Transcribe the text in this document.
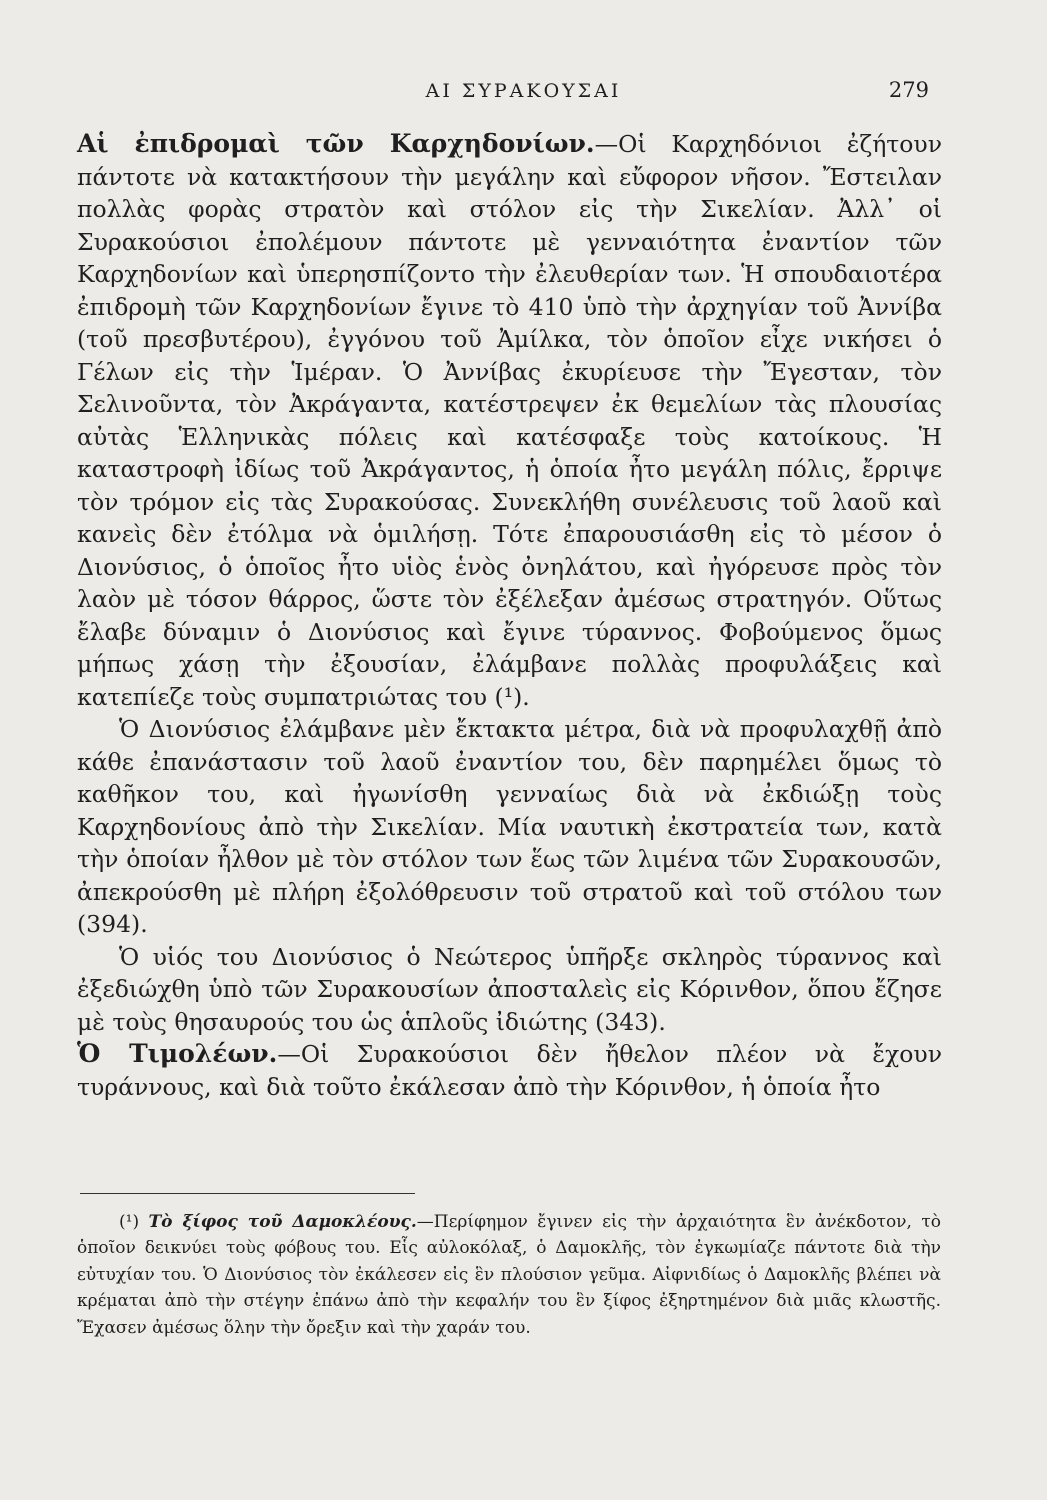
ΑΙ ΣΥΡΑΚΟΥΣΑΙ	279

Αἱ ἐπιδρομαὶ τῶν Καρχηδονίων.—Οἱ Καρχηδόνιοι ἐζήτουν πάντοτε νὰ κατακτήσουν τὴν μεγάλην καὶ εὔφορον νῆσον. Ἔστειλαν πολλὰς φορὰς στρατὸν καὶ στόλον εἰς τὴν Σικελίαν. Ἀλλ᾿ οἱ Συρακούσιοι ἐπολέμουν πάντοτε μὲ γενναιότητα ἐναντίον τῶν Καρχηδονίων καὶ ὑπερησπίζοντο τὴν ἐλευθερίαν των. Ἡ σπουδαιοτέρα ἐπιδρομὴ τῶν Καρχηδονίων ἔγινε τὸ 410 ὑπὸ τὴν ἀρχηγίαν τοῦ Ἀννίβα (τοῦ πρεσβυτέρου), ἐγγόνου τοῦ Ἀμίλκα, τὸν ὁποῖον εἶχε νικήσει ὁ Γέλων εἰς τὴν Ἱμέραν. Ὁ Ἀννίβας ἐκυρίευσε τὴν Ἔγεσταν, τὸν Σελινοῦντα, τὸν Ἀκράγαντα, κατέστρεψεν ἐκ θεμελίων τὰς πλουσίας αὐτὰς Ἑλληνικὰς πόλεις καὶ κατέσφαξε τοὺς κατοίκους. Ἡ καταστροφὴ ἰδίως τοῦ Ἀκράγαντος, ἡ ὁποία ἦτο μεγάλη πόλις, ἔρριψε τὸν τρόμον εἰς τὰς Συρακούσας. Συνεκλήθη συνέλευσις τοῦ λαοῦ καὶ κανεὶς δὲν ἐτόλμα νὰ ὁμιλήσῃ. Τότε ἐπαρουσιάσθη εἰς τὸ μέσον ὁ Διονύσιος, ὁ ὁποῖος ἦτο υἱὸς ἑνὸς ὀνηλάτου, καὶ ἠγόρευσε πρὸς τὸν λαὸν μὲ τόσον θάρρος, ὥστε τὸν ἐξέλεξαν ἀμέσως στρατηγόν. Οὕτως ἔλαβε δύναμιν ὁ Διονύσιος καὶ ἔγινε τύραννος. Φοβούμενος ὅμως μήπως χάσῃ τὴν ἐξουσίαν, ἐλάμβανε πολλὰς προφυλάξεις καὶ κατεπίεζε τοὺς συμπατριώτας του (¹).

Ὁ Διονύσιος ἐλάμβανε μὲν ἔκτακτα μέτρα, διὰ νὰ προφυλαχθῇ ἀπὸ κάθε ἐπανάστασιν τοῦ λαοῦ ἐναντίον του, δὲν παρημέλει ὅμως τὸ καθῆκον του, καὶ ἠγωνίσθη γενναίως διὰ νὰ ἐκδιώξῃ τοὺς Καρχηδονίους ἀπὸ τὴν Σικελίαν. Μία ναυτικὴ ἐκστρατεία των, κατὰ τὴν ὁποίαν ἦλθον μὲ τὸν στόλον των ἕως τῶν λιμένα τῶν Συρακουσῶν, ἀπεκρούσθη μὲ πλήρη ἐξολόθρευσιν τοῦ στρατοῦ καὶ τοῦ στόλου των (394).

Ὁ υἱός του Διονύσιος ὁ Νεώτερος ὑπῆρξε σκληρὸς τύραννος καὶ ἐξεδιώχθη ὑπὸ τῶν Συρακουσίων ἀποσταλεὶς εἰς Κόρινθον, ὅπου ἔζησε μὲ τοὺς θησαυρούς του ὡς ἁπλοῦς ἰδιώτης (343).

Ὁ Τιμολέων.—Οἱ Συρακούσιοι δὲν ἤθελον πλέον νὰ ἔχουν τυράννους, καὶ διὰ τοῦτο ἐκάλεσαν ἀπὸ τὴν Κόρινθον, ἡ ὁποία ἦτο

(¹) Τὸ ξίφος τοῦ Δαμοκλέους.—Περίφημον ἔγινεν εἰς τὴν ἀρχαιότητα ἓν ἀνέκδοτον, τὸ ὁποῖον δεικνύει τοὺς φόβους του. Εἷς αὐλοκόλαξ, ὁ Δαμοκλῆς, τὸν ἐγκωμίαζε πάντοτε διὰ τὴν εὐτυχίαν του. Ὁ Διονύσιος τὸν ἐκάλεσεν εἰς ἓν πλούσιον γεῦμα. Αἰφνιδίως ὁ Δαμοκλῆς βλέπει νὰ κρέμαται ἀπὸ τὴν στέγην ἐπάνω ἀπὸ τὴν κεφαλήν του ἓν ξίφος ἐξηρτημένον διὰ μιᾶς κλωστῆς. Ἔχασεν ἀμέσως ὅλην τὴν ὄρεξιν καὶ τὴν χαράν του.
